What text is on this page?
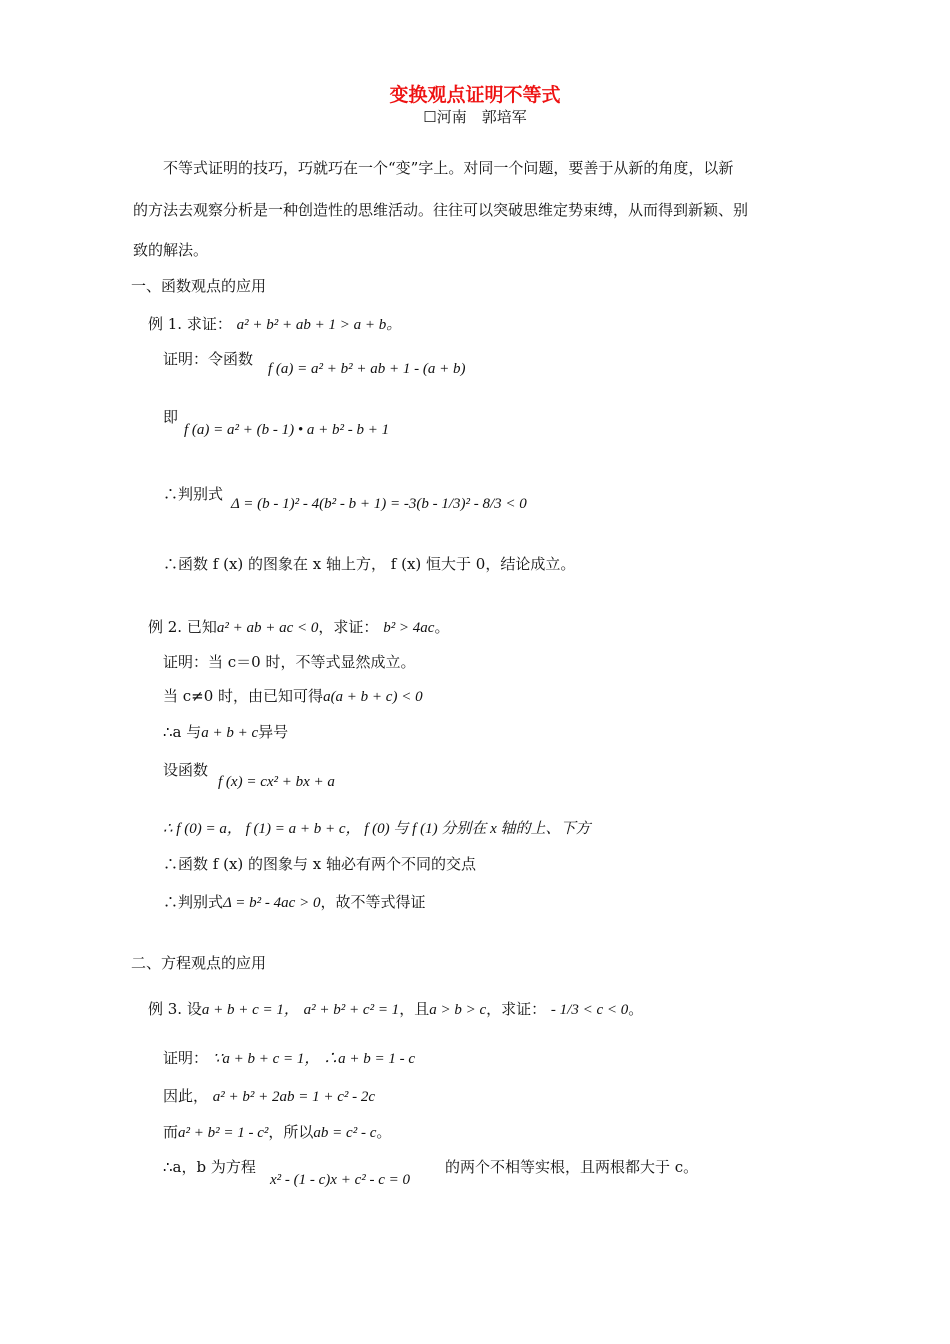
变换观点证明不等式
☐河南　郭培军
不等式证明的技巧，巧就巧在一个“变”字上。对同一个问题，要善于从新的角度，以新
的方法去观察分析是一种创造性的思维活动。往往可以突破思维定势束缚，从而得到新颖、别
致的解法。
一、函数观点的应用
例 1. 求证： a² + b² + ab + 1 > a + b。
证明：令函数
f (a) = a² + b² + ab + 1 - (a + b)
即
f (a) = a² + (b - 1) • a + b² - b + 1
∴判别式
Δ = (b - 1)² - 4(b² - b + 1) = -3(b - 1/3)² - 8/3 < 0
∴函数 f (x) 的图象在 x 轴上方， f (x) 恒大于 0，结论成立。
例 2. 已知a² + ab + ac < 0，求证： b² > 4ac。
证明：当 c＝0 时，不等式显然成立。
当 c≠0 时，由已知可得a(a + b + c) < 0
∴a 与a + b + c异号
设函数
f (x) = cx² + bx + a
∴ f (0) = a， f (1) = a + b + c， f (0) 与 f (1) 分别在 x 轴的上、下方
∴函数 f (x) 的图象与 x 轴必有两个不同的交点
∴判别式Δ = b² - 4ac > 0，故不等式得证
二、方程观点的应用
例 3. 设a + b + c = 1， a² + b² + c² = 1，且a > b > c，求证： - 1/3 < c < 0。
证明： ∵a + b + c = 1， ∴a + b = 1 - c
因此， a² + b² + 2ab = 1 + c² - 2c
而a² + b² = 1 - c²，所以ab = c² - c。
∴a，b 为方程
x² - (1 - c)x + c² - c = 0
的两个不相等实根，且两根都大于 c。
